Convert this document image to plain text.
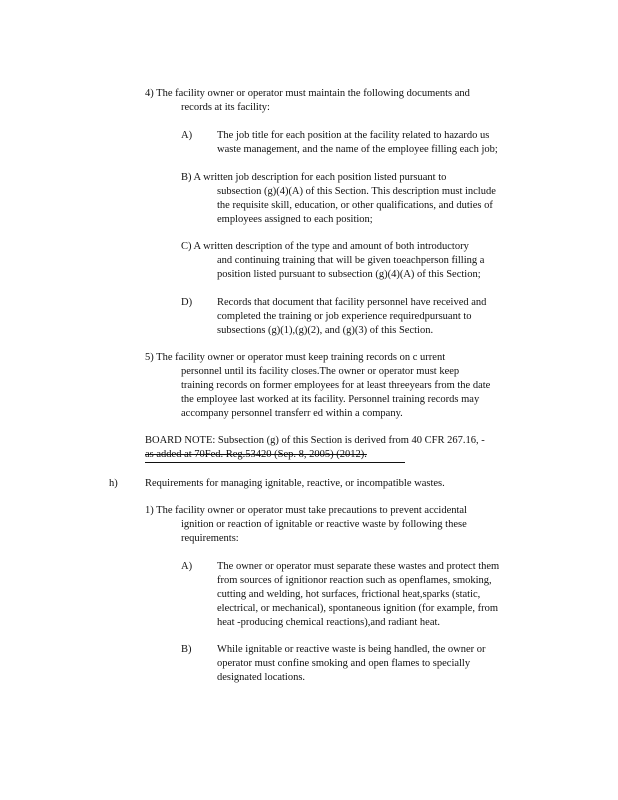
4) The facility owner or operator must maintain the following documents and
records at its facility:
A) The job title for each position at the facility related to hazardo us
waste management, and the name of the employee filling each job;
B) A written job description for each position listed pursuant to
subsection (g)(4)(A) of this Section. This description must include
the requisite skill, education, or other qualifications, and duties of
employees assigned to each position;
C) A written description of the type and amount of both introductory
and continuing training that will be given toeachperson filling a
position listed pursuant to subsection (g)(4)(A) of this Section;
D) Records that document that facility personnel have received and
completed the training or job experience requiredpursuant to
subsections (g)(1),(g)(2), and (g)(3) of this Section.
5) The facility owner or operator must keep training records on c urrent
personnel until its facility closes.The owner or operator must keep
training records on former employees for at least threeyears from the date
the employee last worked at its facility. Personnel training records may
accompany personnel transferr ed within a company.
BOARD NOTE: Subsection (g) of this Section is derived from 40 CFR 267.16, -
as added at 70Fed. Reg.53420 (Sep. 8, 2005) (2012).
h)	Requirements for managing ignitable, reactive, or incompatible wastes.
1) The facility owner or operator must take precautions to prevent accidental
ignition or reaction of ignitable or reactive waste by following these
requirements:
A) The owner or operator must separate these wastes and protect them
from sources of ignitionor reaction such as openflames, smoking,
cutting and welding, hot surfaces, frictional heat,sparks (static,
electrical, or mechanical), spontaneous ignition (for example, from
heat -producing chemical reactions),and radiant heat.
B) While ignitable or reactive waste is being handled, the owner or
operator must confine smoking and open flames to specially
designated locations.
